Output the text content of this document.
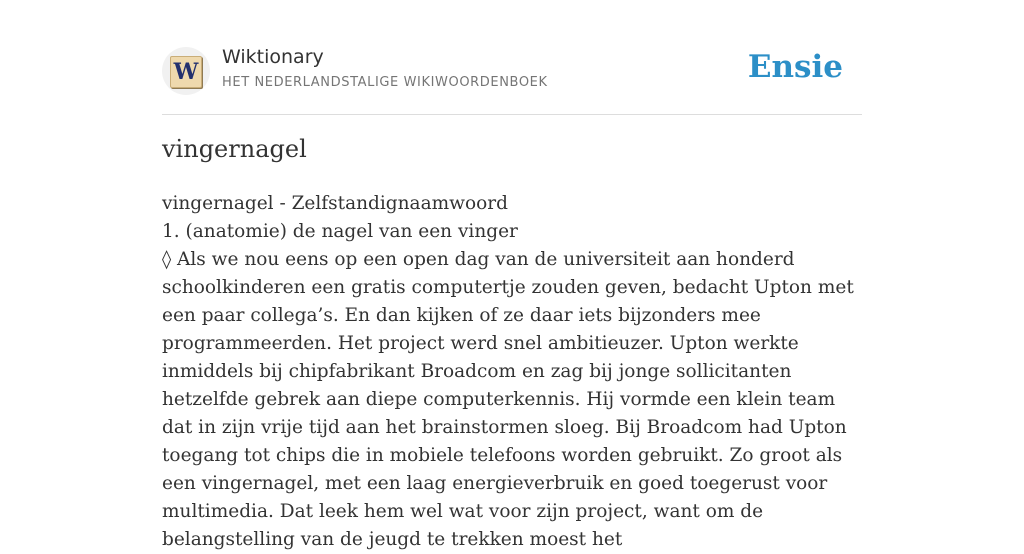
W
Wiktionary
HET NEDERLANDSTALIGE WIKIWOORDENBOEK	Ensie
vingernagel

vingernagel - Zelfstandignaamwoord

1. (anatomie) de nagel van een vinger

◊ Als we nou eens op een open dag van de universiteit aan honderd schoolkinderen een gratis computertje zouden geven, bedacht Upton met een paar collega’s. En dan kijken of ze daar iets bijzonders mee programmeerden. Het project werd snel ambitieuzer. Upton werkte inmiddels bij chipfabrikant Broadcom en zag bij jonge sollicitanten hetzelfde gebrek aan diepe computerkennis. Hij vormde een klein team dat in zijn vrije tijd aan het brainstormen sloeg. Bij Broadcom had Upton toegang tot chips die in mobiele telefoons worden gebruikt. Zo groot als een vingernagel, met een laag energieverbruik en goed toegerust voor multimedia. Dat leek hem wel wat voor zijn project, want om de belangstelling van de jeugd te trekken moest het
